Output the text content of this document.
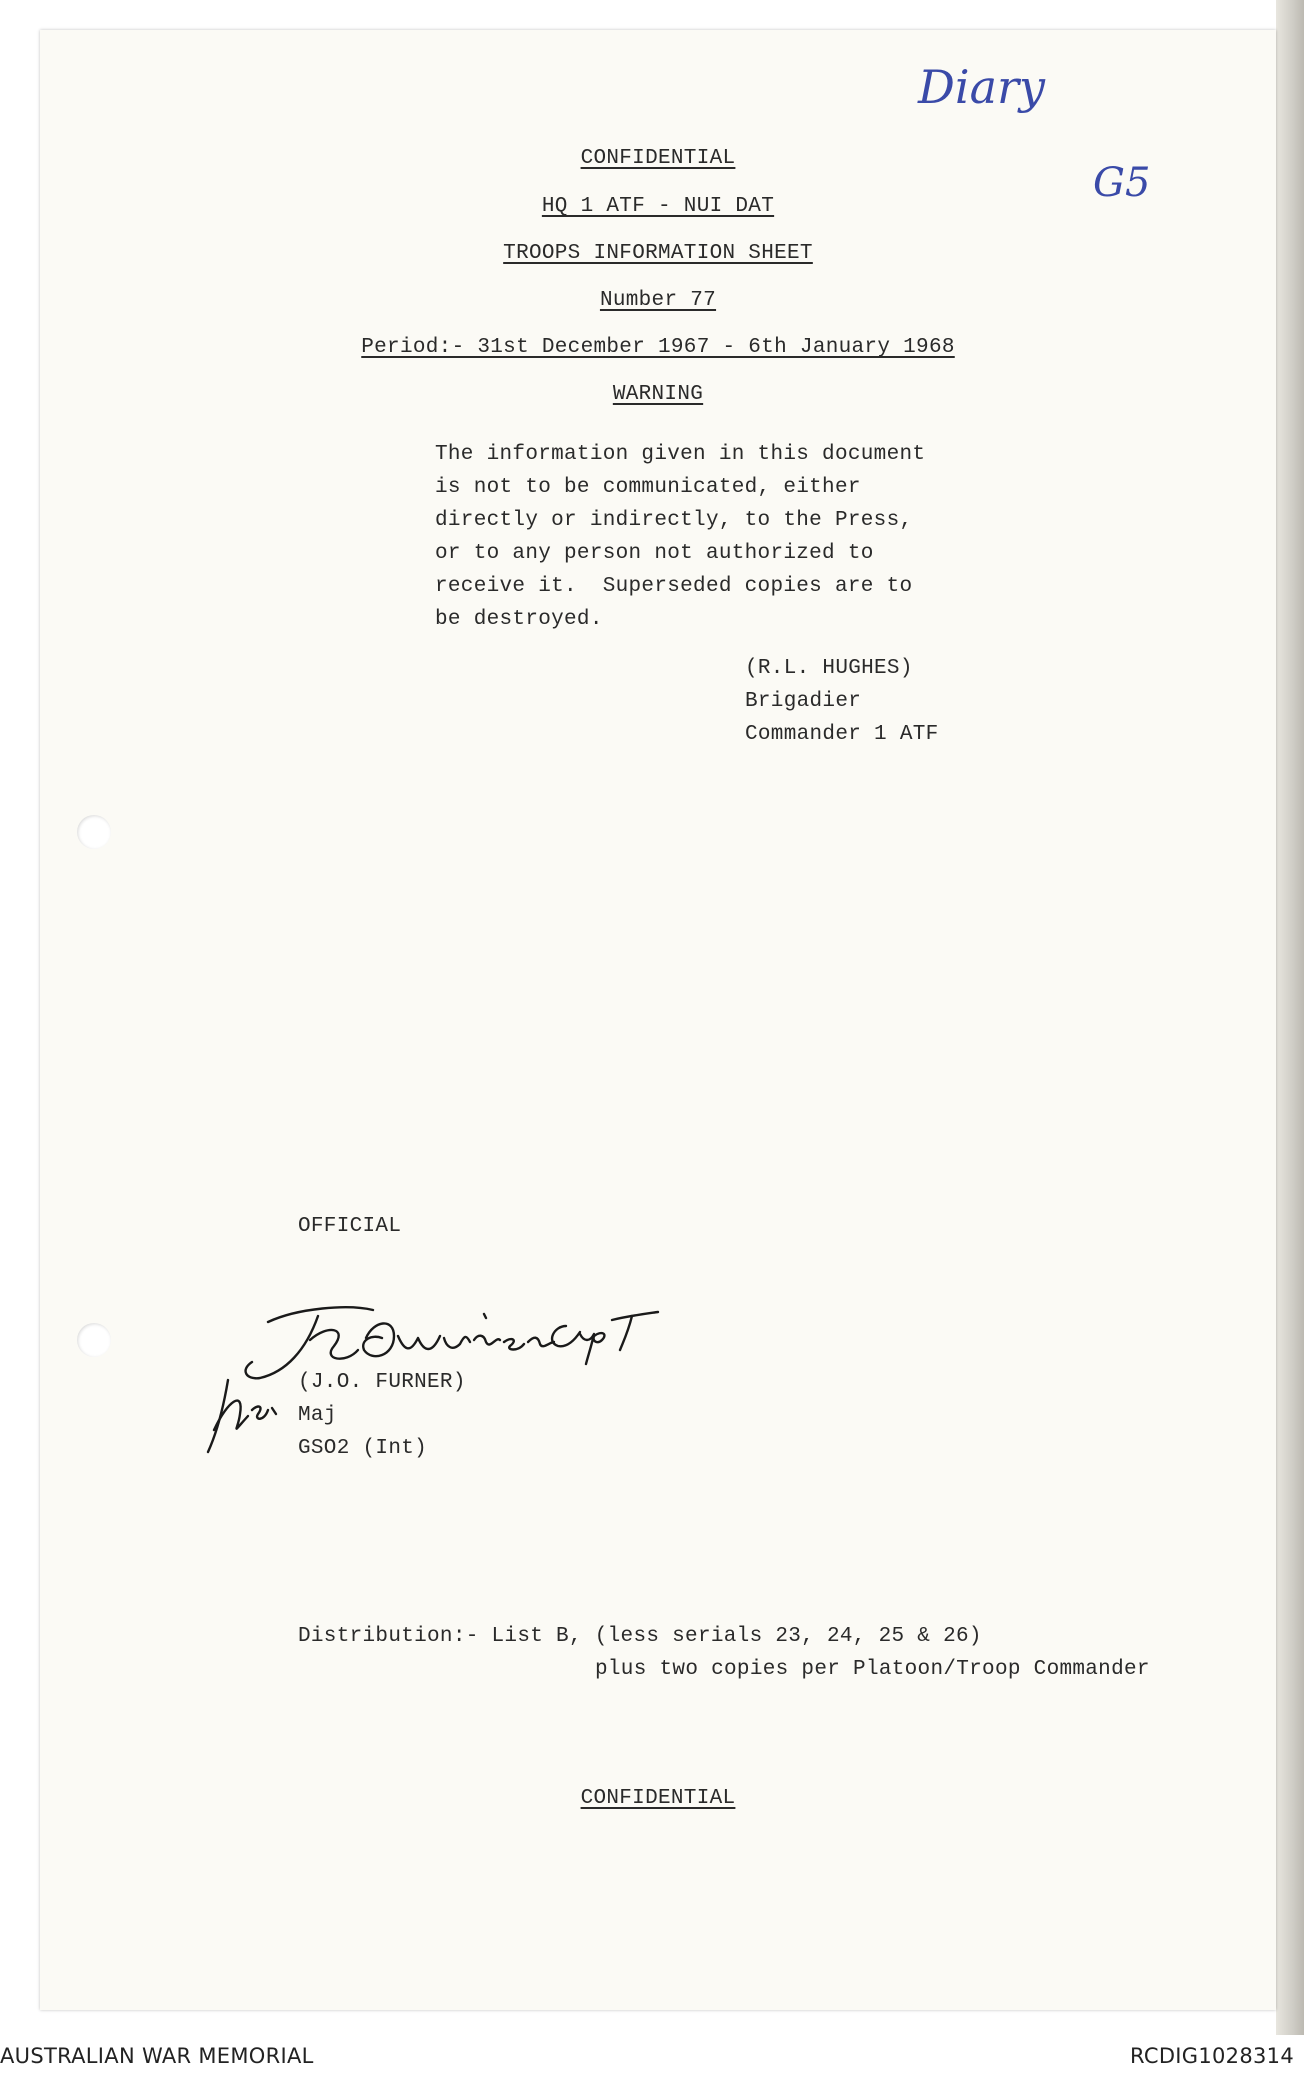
CONFIDENTIAL
HQ 1 ATF - NUI DAT
TROOPS INFORMATION SHEET
Number 77
Period:- 31st December 1967 - 6th January 1968
Diary
G5
WARNING
The information given in this document
is not to be communicated, either
directly or indirectly, to the Press,
or to any person not authorized to
receive it.  Superseded copies are to
be destroyed.
(R.L. HUGHES)
Brigadier
Commander 1 ATF
OFFICIAL
(J.O. FURNER)
Maj
GSO2 (Int)
Distribution:- List B, (less serials 23, 24, 25 & 26)
plus two copies per Platoon/Troop Commander
CONFIDENTIAL
AUSTRALIAN WAR MEMORIAL	RCDIG1028314
